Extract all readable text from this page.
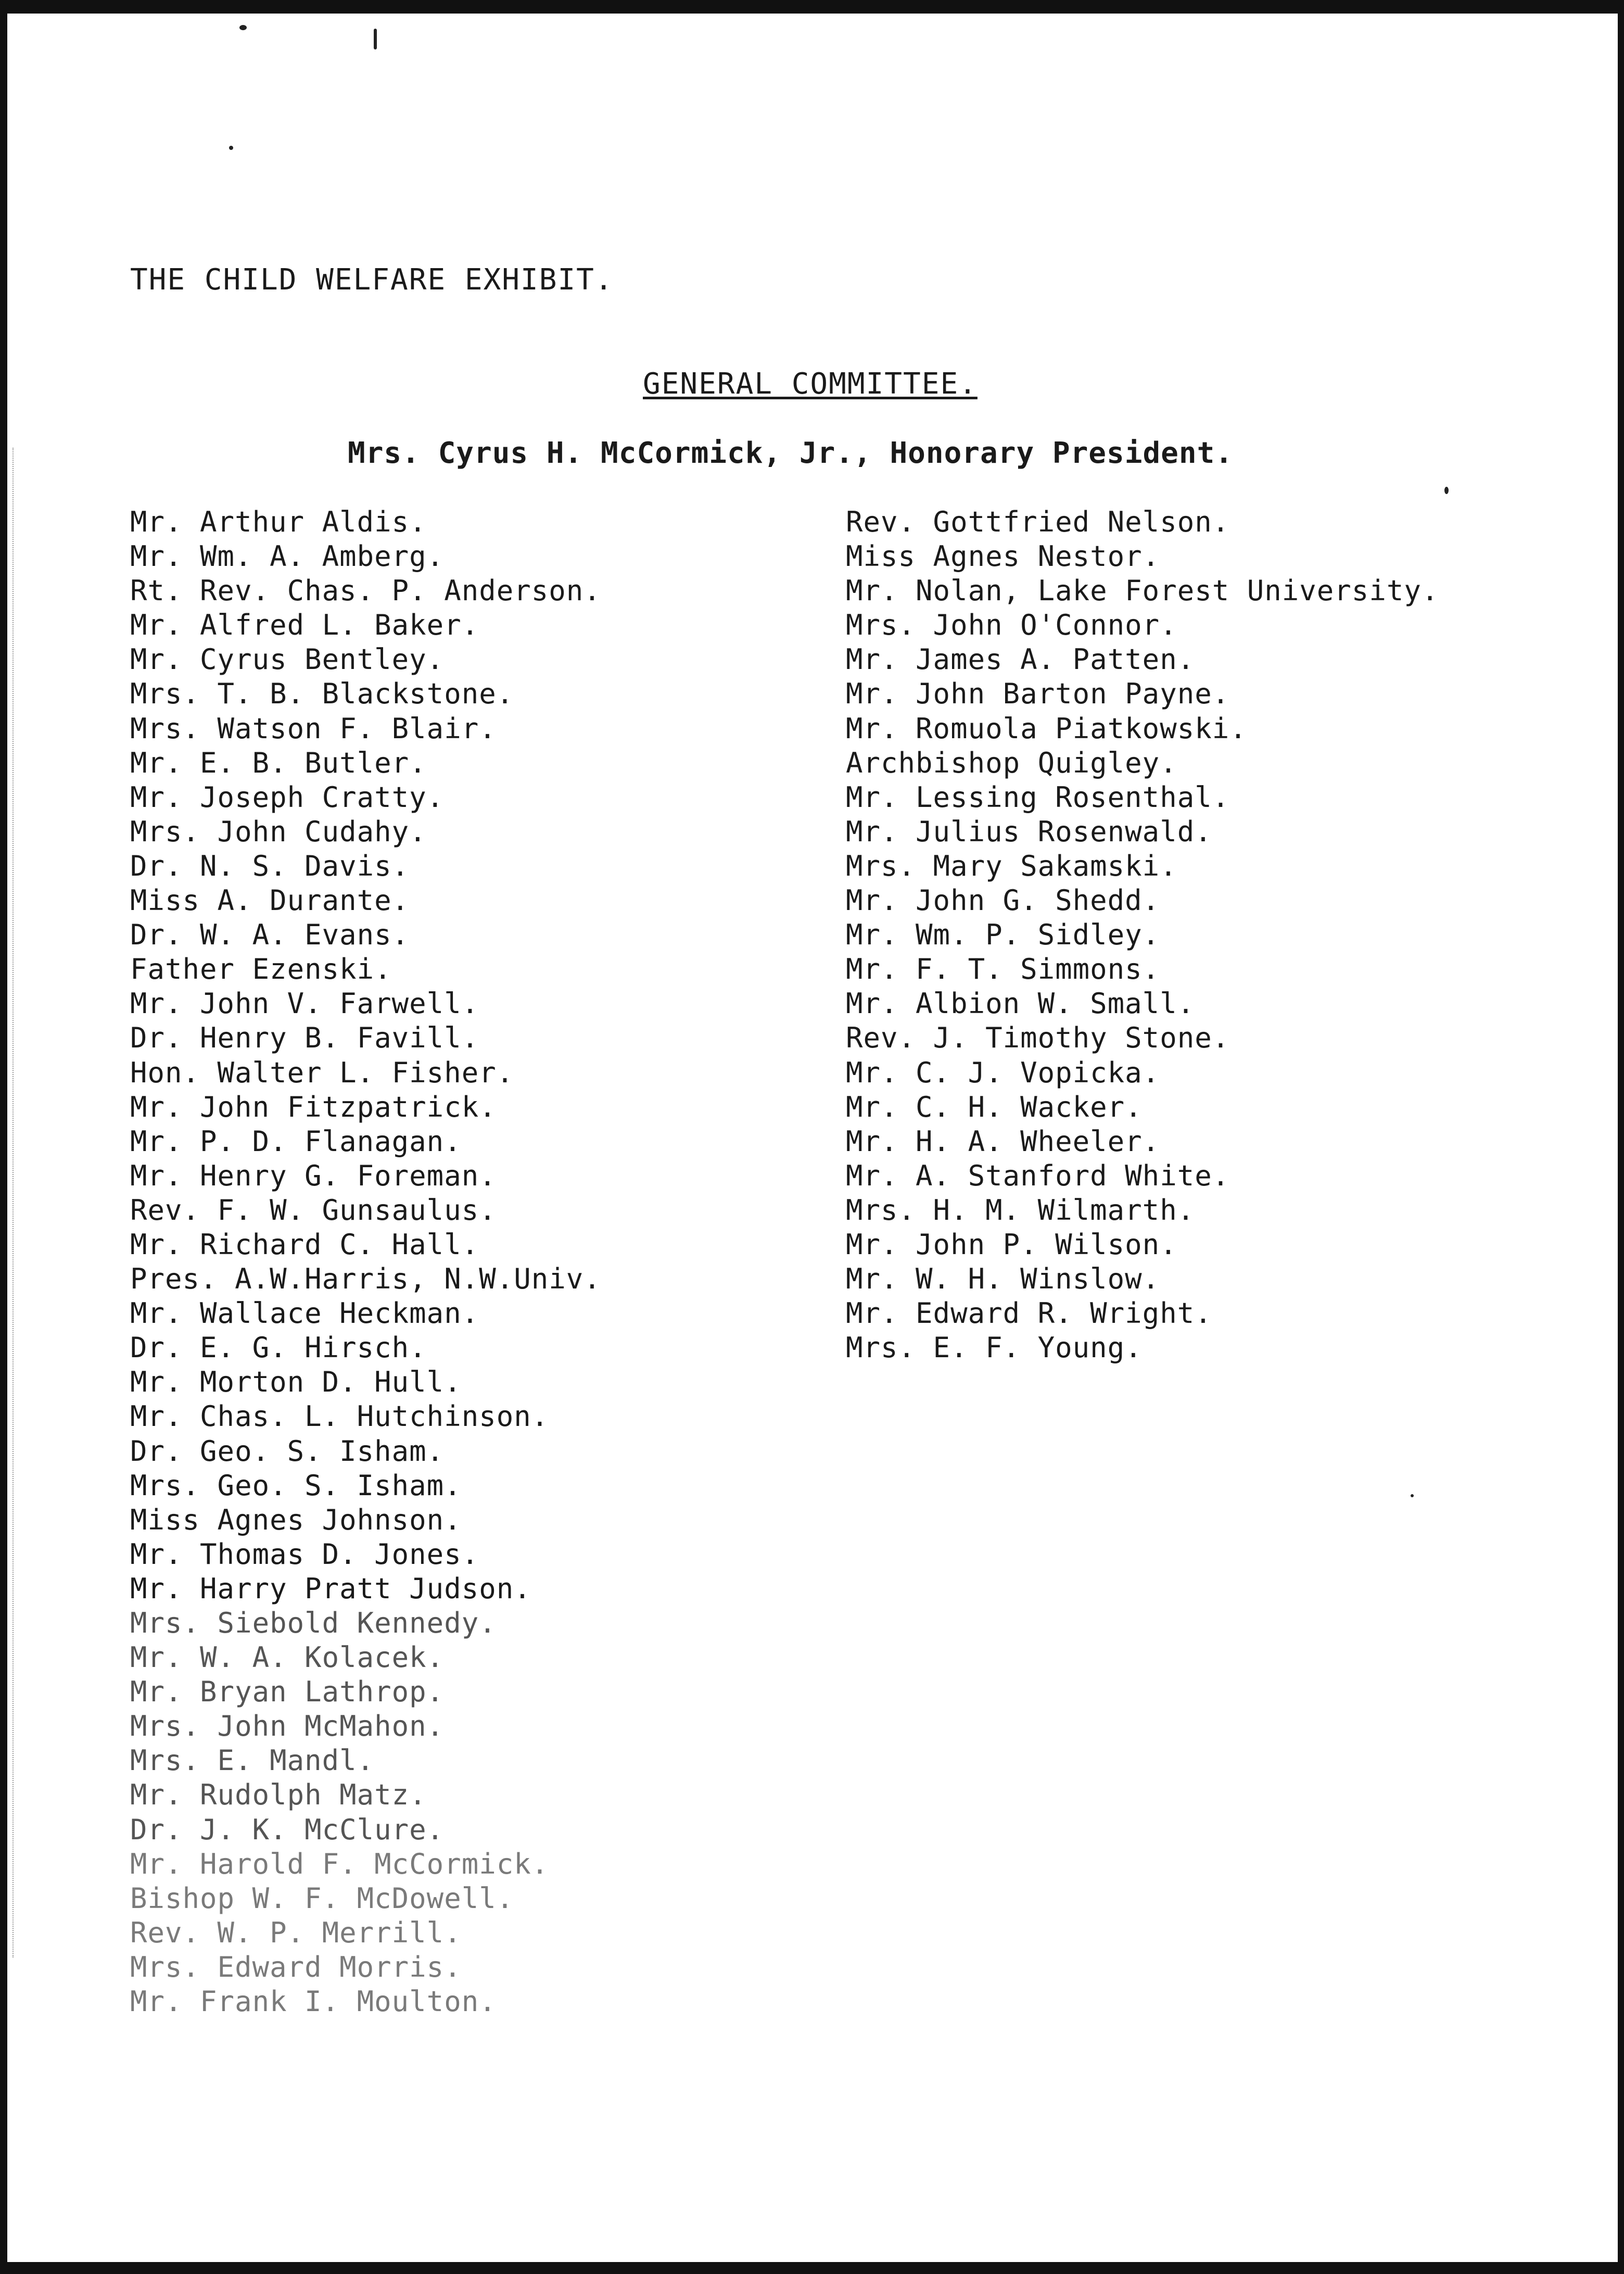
THE CHILD WELFARE EXHIBIT.
GENERAL COMMITTEE.
Mrs. Cyrus H. McCormick, Jr., Honorary President.
Mr. Arthur Aldis.
Mr. Wm. A. Amberg.
Rt. Rev. Chas. P. Anderson.
Mr. Alfred L. Baker.
Mr. Cyrus Bentley.
Mrs. T. B. Blackstone.
Mrs. Watson F. Blair.
Mr. E. B. Butler.
Mr. Joseph Cratty.
Mrs. John Cudahy.
Dr. N. S. Davis.
Miss A. Durante.
Dr. W. A. Evans.
Father Ezenski.
Mr. John V. Farwell.
Dr. Henry B. Favill.
Hon. Walter L. Fisher.
Mr. John Fitzpatrick.
Mr. P. D. Flanagan.
Mr. Henry G. Foreman.
Rev. F. W. Gunsaulus.
Mr. Richard C. Hall.
Pres. A.W.Harris, N.W.Univ.
Mr. Wallace Heckman.
Dr. E. G. Hirsch.
Mr. Morton D. Hull.
Mr. Chas. L. Hutchinson.
Dr. Geo. S. Isham.
Mrs. Geo. S. Isham.
Miss Agnes Johnson.
Mr. Thomas D. Jones.
Mr. Harry Pratt Judson.
Mrs. Siebold Kennedy.
Mr. W. A. Kolacek.
Mr. Bryan Lathrop.
Mrs. John McMahon.
Mrs. E. Mandl.
Mr. Rudolph Matz.
Dr. J. K. McClure.
Mr. Harold F. McCormick.
Bishop W. F. McDowell.
Rev. W. P. Merrill.
Mrs. Edward Morris.
Mr. Frank I. Moulton.
Rev. Gottfried Nelson.
Miss Agnes Nestor.
Mr. Nolan, Lake Forest University.
Mrs. John O'Connor.
Mr. James A. Patten.
Mr. John Barton Payne.
Mr. Romuola Piatkowski.
Archbishop Quigley.
Mr. Lessing Rosenthal.
Mr. Julius Rosenwald.
Mrs. Mary Sakamski.
Mr. John G. Shedd.
Mr. Wm. P. Sidley.
Mr. F. T. Simmons.
Mr. Albion W. Small.
Rev. J. Timothy Stone.
Mr. C. J. Vopicka.
Mr. C. H. Wacker.
Mr. H. A. Wheeler.
Mr. A. Stanford White.
Mrs. H. M. Wilmarth.
Mr. John P. Wilson.
Mr. W. H. Winslow.
Mr. Edward R. Wright.
Mrs. E. F. Young.
